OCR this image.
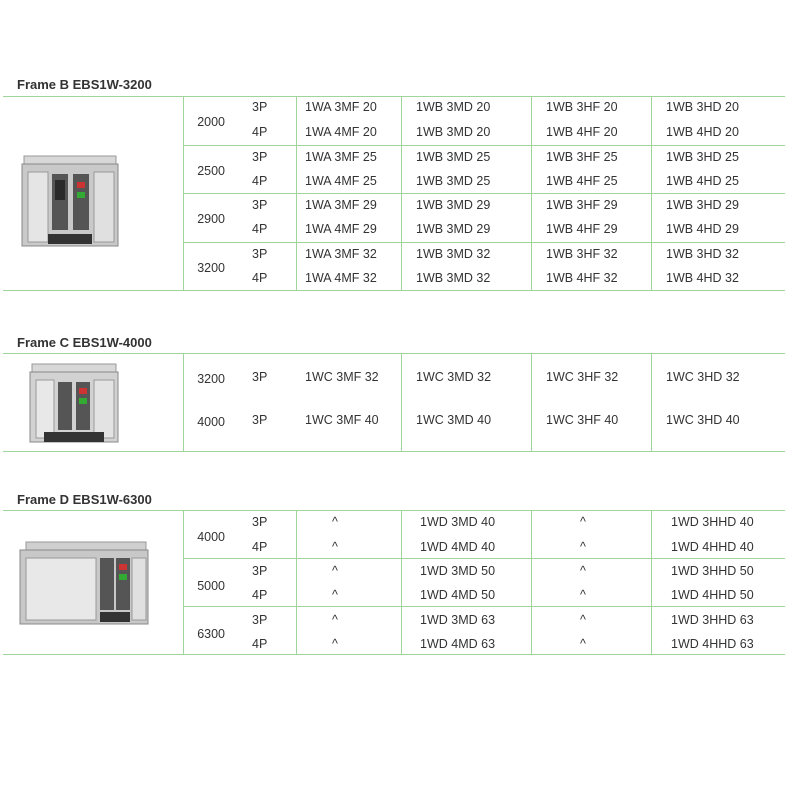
Frame B EBS1W-3200
2000
3P	1WA 3MF 20	1WB 3MD 20	1WB 3HF 20	1WB 3HD 20
4P	1WA 4MF 20	1WB 3MD 20	1WB 4HF 20	1WB 4HD 20
2500
3P	1WA 3MF 25	1WB 3MD 25	1WB 3HF 25	1WB 3HD 25
4P	1WA 4MF 25	1WB 3MD 25	1WB 4HF 25	1WB 4HD 25
2900
3P	1WA 3MF 29	1WB 3MD 29	1WB 3HF 29	1WB 3HD 29
4P	1WA 4MF 29	1WB 3MD 29	1WB 4HF 29	1WB 4HD 29
3200
3P	1WA 3MF 32	1WB 3MD 32	1WB 3HF 32	1WB 3HD 32
4P	1WA 4MF 32	1WB 3MD 32	1WB 4HF 32	1WB 4HD 32
Frame C EBS1W-4000
3200 3P	1WC 3MF 32	1WC 3MD 32	1WC 3HF 32	1WC 3HD 32
4000 3P	1WC 3MF 40	1WC 3MD 40	1WC 3HF 40	1WC 3HD 40
Frame D EBS1W-6300
4000
3P	^	1WD 3MD 40	^	1WD 3HHD 40
4P	^	1WD 4MD 40	^	1WD 4HHD 40
5000
3P	^	1WD 3MD 50	^	1WD 3HHD 50
4P	^	1WD 4MD 50	^	1WD 4HHD 50
6300
3P	^	1WD 3MD 63	^	1WD 3HHD 63
4P	^	1WD 4MD 63	^	1WD 4HHD 63
